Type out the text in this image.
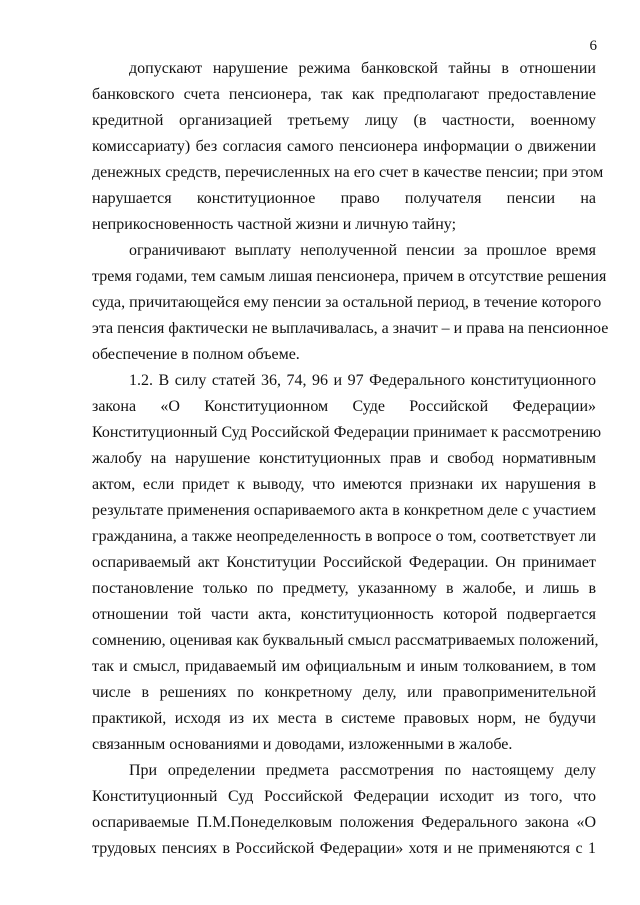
6
допускают нарушение режима банковской тайны в отношении
банковского счета пенсионера, так как предполагают предоставление
кредитной организацией третьему лицу (в частности, военному
комиссариату) без согласия самого пенсионера информации о движении
денежных средств, перечисленных на его счет в качестве пенсии; при этом
нарушается конституционное право получателя пенсии на
неприкосновенность частной жизни и личную тайну;
ограничивают выплату неполученной пенсии за прошлое время
тремя годами, тем самым лишая пенсионера, причем в отсутствие решения
суда, причитающейся ему пенсии за остальной период, в течение которого
эта пенсия фактически не выплачивалась, а значит – и права на пенсионное
обеспечение в полном объеме.
1.2. В силу статей 36, 74, 96 и 97 Федерального конституционного
закона «О Конституционном Суде Российской Федерации»
Конституционный Суд Российской Федерации принимает к рассмотрению
жалобу на нарушение конституционных прав и свобод нормативным
актом, если придет к выводу, что имеются признаки их нарушения в
результате применения оспариваемого акта в конкретном деле с участием
гражданина, а также неопределенность в вопросе о том, соответствует ли
оспариваемый акт Конституции Российской Федерации. Он принимает
постановление только по предмету, указанному в жалобе, и лишь в
отношении той части акта, конституционность которой подвергается
сомнению, оценивая как буквальный смысл рассматриваемых положений,
так и смысл, придаваемый им официальным и иным толкованием, в том
числе в решениях по конкретному делу, или правоприменительной
практикой, исходя из их места в системе правовых норм, не будучи
связанным основаниями и доводами, изложенными в жалобе.
При определении предмета рассмотрения по настоящему делу
Конституционный Суд Российской Федерации исходит из того, что
оспариваемые П.М.Понеделковым положения Федерального закона «О
трудовых пенсиях в Российской Федерации» хотя и не применяются с 1
